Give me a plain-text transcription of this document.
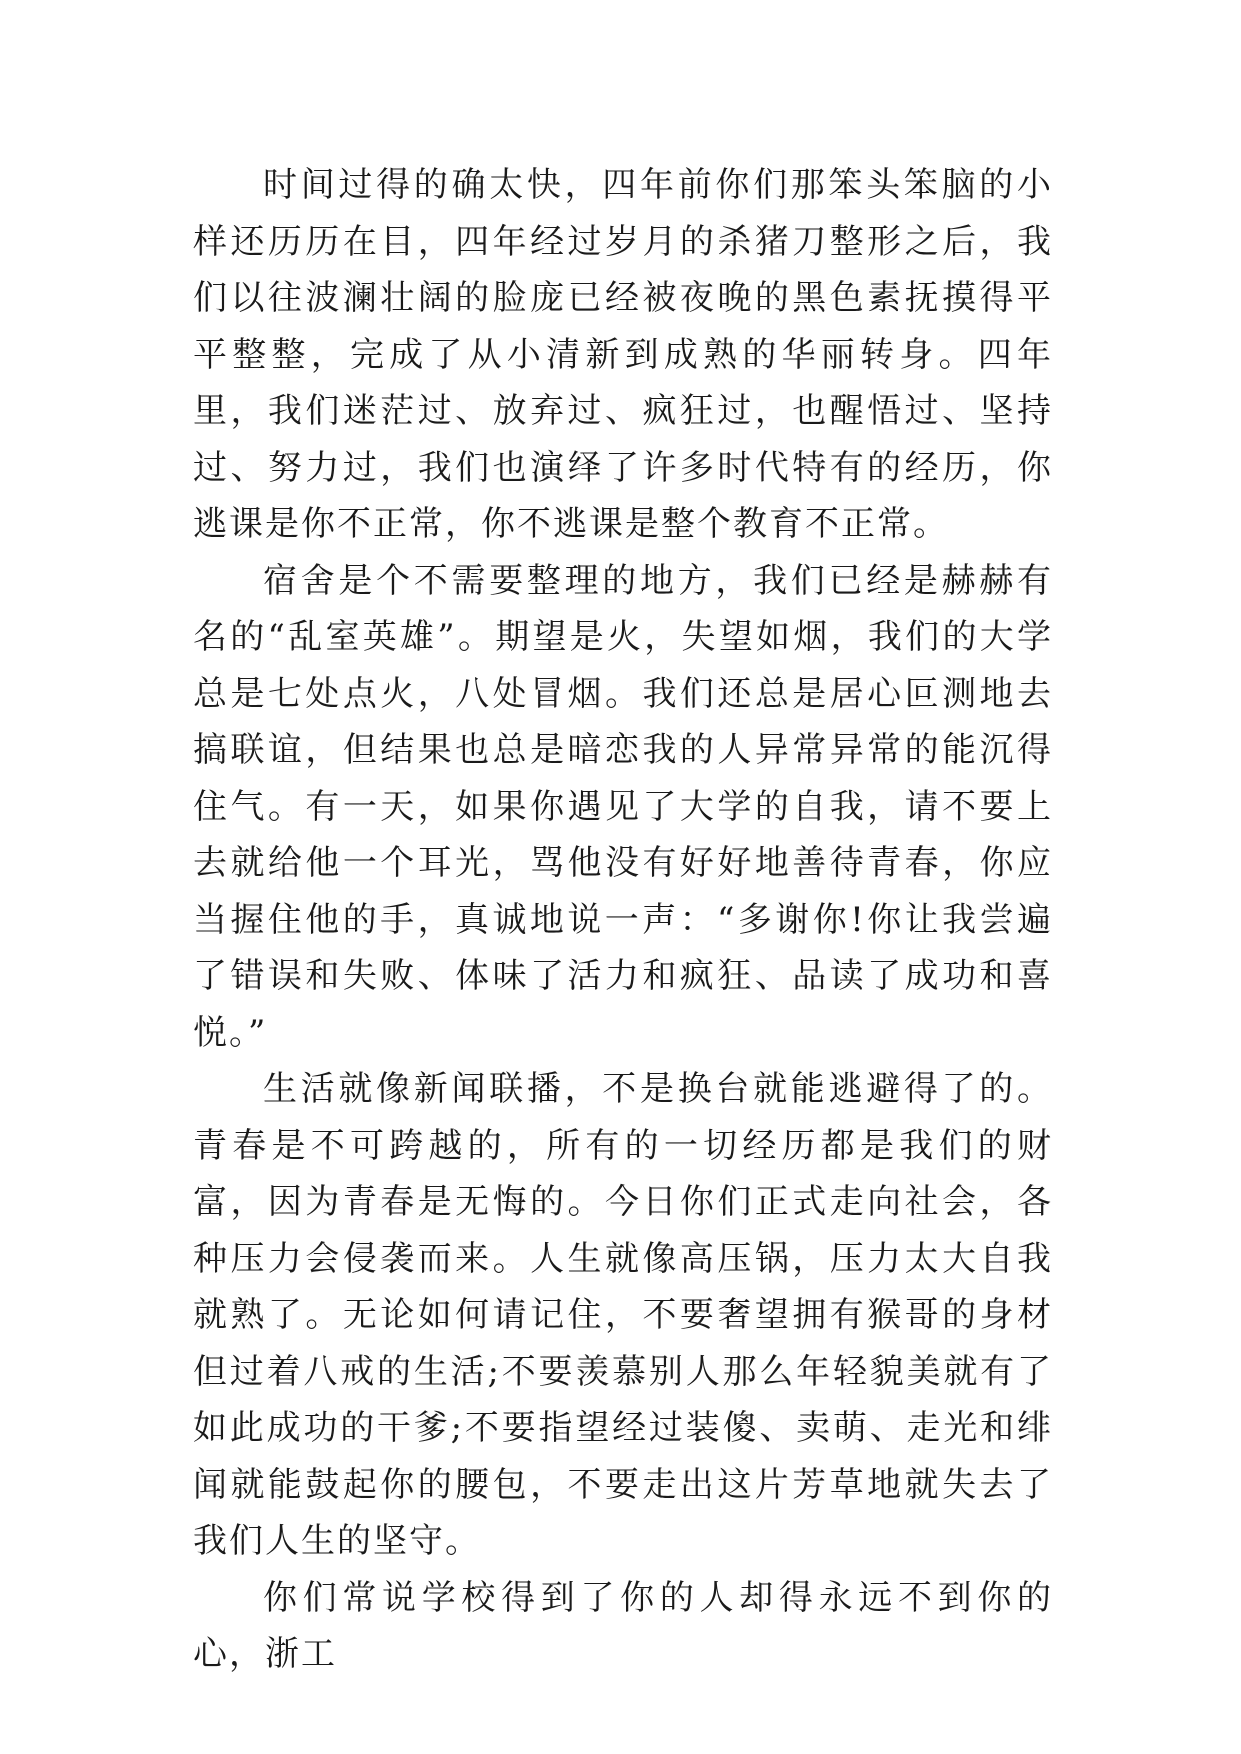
时间过得的确太快，四年前你们那笨头笨脑的小样还历历在目，四年经过岁月的杀猪刀整形之后，我们以往波澜壮阔的脸庞已经被夜晚的黑色素抚摸得平平整整，完成了从小清新到成熟的华丽转身。四年里，我们迷茫过、放弃过、疯狂过，也醒悟过、坚持过、努力过，我们也演绎了许多时代特有的经历，你逃课是你不正常，你不逃课是整个教育不正常。

宿舍是个不需要整理的地方，我们已经是赫赫有名的“乱室英雄”。期望是火，失望如烟，我们的大学总是七处点火，八处冒烟。我们还总是居心叵测地去搞联谊，但结果也总是暗恋我的人异常异常的能沉得住气。有一天，如果你遇见了大学的自我，请不要上去就给他一个耳光，骂他没有好好地善待青春，你应当握住他的手，真诚地说一声：“多谢你!你让我尝遍了错误和失败、体味了活力和疯狂、品读了成功和喜悦。”

生活就像新闻联播，不是换台就能逃避得了的。青春是不可跨越的，所有的一切经历都是我们的财富，因为青春是无悔的。今日你们正式走向社会，各种压力会侵袭而来。人生就像高压锅，压力太大自我就熟了。无论如何请记住，不要奢望拥有猴哥的身材但过着八戒的生活;不要羡慕别人那么年轻貌美就有了如此成功的干爹;不要指望经过装傻、卖萌、走光和绯闻就能鼓起你的腰包，不要走出这片芳草地就失去了我们人生的坚守。

你们常说学校得到了你的人却得永远不到你的心，浙工
